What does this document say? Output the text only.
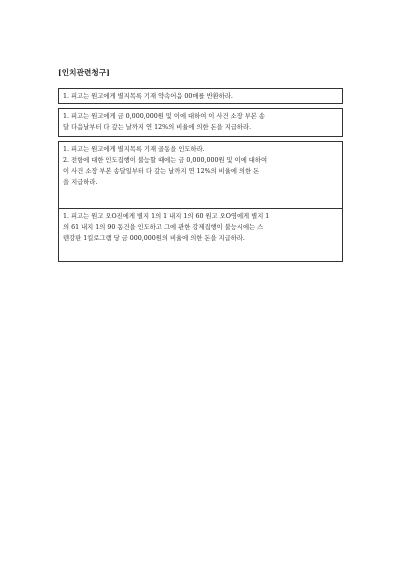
[인치관련청구]

1. 피고는 원고에게 별지목록 기재 약속어음 00매를 반환하라.

1. 피고는 원고에게 금 0,000,000원 및 이에 대하여 이 사건 소장 부본 송

달 다음날부터 다 갚는 날까지 연 12%의 비율에 의한 돈을 지급하라.

1. 피고는 원고에게 별지목록 기재 골동을 인도하라.

2. 전항에 대한 인도집행이 불능할 때에는 금 0,000,000원 및 이에 대하여

이 사건 소장 부본 송달일부터 다 갚는 날까지 연 12%의 비율에 의한 돈

을 지급하라.

1. 피고는 원고 오O진에게 별지 1의 1 내지 1의 60 원고 오O영에게 별지 1

의 61 내지 1의 90 동건을 인도하고 그에 관한 강제집행이 불능시에는 스

텐강판 1킬로그램 당 금 000,000원의 비율에 의한 돈을 지급하라.
